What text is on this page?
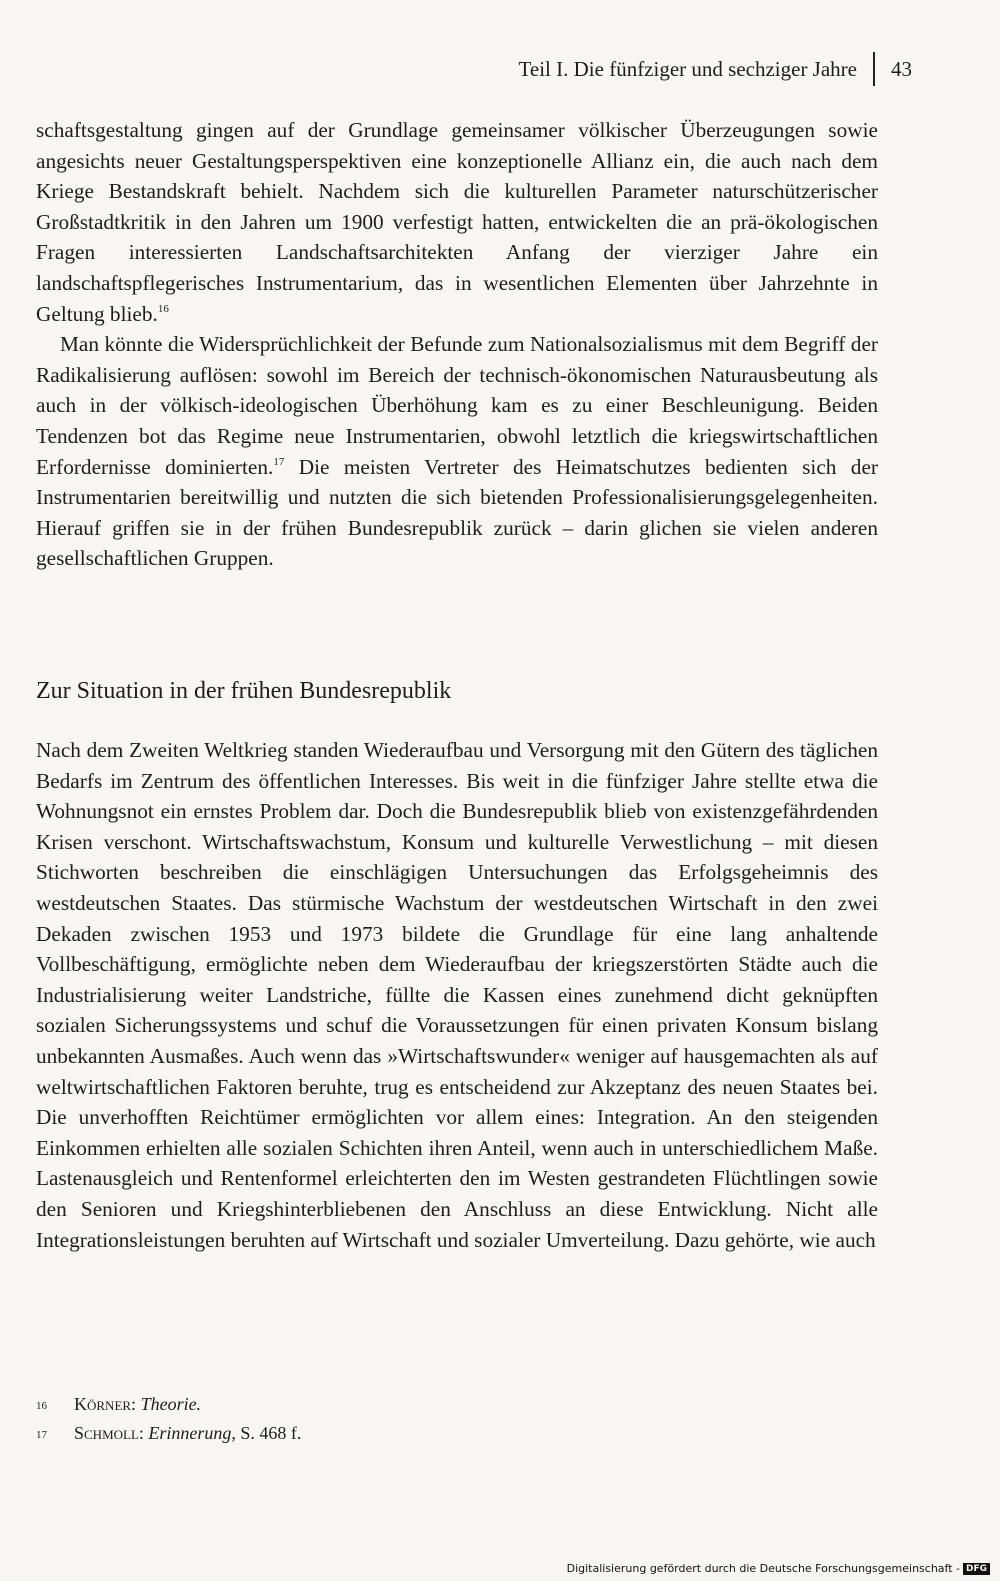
Teil I. Die fünfziger und sechziger Jahre 43

schaftsgestaltung gingen auf der Grundlage gemeinsamer völkischer Überzeugungen sowie angesichts neuer Gestaltungsperspektiven eine konzeptionelle Allianz ein, die auch nach dem Kriege Bestandskraft behielt. Nachdem sich die kulturellen Parameter naturschützerischer Großstadtkritik in den Jahren um 1900 verfestigt hatten, entwickelten die an prä-ökologischen Fragen interessierten Landschaftsarchitekten Anfang der vierziger Jahre ein landschaftspflegerisches Instrumentarium, das in wesentlichen Elementen über Jahrzehnte in Geltung blieb.$^{16}$

Man könnte die Widersprüchlichkeit der Befunde zum Nationalsozialismus mit dem Begriff der Radikalisierung auflösen: sowohl im Bereich der technisch-ökonomischen Naturausbeutung als auch in der völkisch-ideologischen Überhöhung kam es zu einer Beschleunigung. Beiden Tendenzen bot das Regime neue Instrumentarien, obwohl letztlich die kriegswirtschaftlichen Erfordernisse dominierten.$^{17}$ Die meisten Vertreter des Heimatschutzes bedienten sich der Instrumentarien bereitwillig und nutzten die sich bietenden Professionalisierungsgelegenheiten. Hierauf griffen sie in der frühen Bundesrepublik zurück – darin glichen sie vielen anderen gesellschaftlichen Gruppen.

Zur Situation in der frühen Bundesrepublik

Nach dem Zweiten Weltkrieg standen Wiederaufbau und Versorgung mit den Gütern des täglichen Bedarfs im Zentrum des öffentlichen Interesses. Bis weit in die fünfziger Jahre stellte etwa die Wohnungsnot ein ernstes Problem dar. Doch die Bundesrepublik blieb von existenzgefährdenden Krisen verschont. Wirtschaftswachstum, Konsum und kulturelle Verwestlichung – mit diesen Stichworten beschreiben die einschlägigen Untersuchungen das Erfolgsgeheimnis des westdeutschen Staates. Das stürmische Wachstum der westdeutschen Wirtschaft in den zwei Dekaden zwischen 1953 und 1973 bildete die Grundlage für eine lang anhaltende Vollbeschäftigung, ermöglichte neben dem Wiederaufbau der kriegszerstörten Städte auch die Industrialisierung weiter Landstriche, füllte die Kassen eines zunehmend dicht geknüpften sozialen Sicherungssystems und schuf die Voraussetzungen für einen privaten Konsum bislang unbekannten Ausmaßes. Auch wenn das »Wirtschaftswunder« weniger auf hausgemachten als auf weltwirtschaftlichen Faktoren beruhte, trug es entscheidend zur Akzeptanz des neuen Staates bei. Die unverhofften Reichtümer ermöglichten vor allem eines: Integration. An den steigenden Einkommen erhielten alle sozialen Schichten ihren Anteil, wenn auch in unterschiedlichem Maße. Lastenausgleich und Rentenformel erleichterten den im Westen gestrandeten Flüchtlingen sowie den Senioren und Kriegshinterbliebenen den Anschluss an diese Entwicklung. Nicht alle Integrationsleistungen beruhten auf Wirtschaft und sozialer Umverteilung. Dazu gehörte, wie auch

16	Körner:
Theorie.
17	Schmoll:
Erinnerung , S. 468 f.
Digitalisierung gefördert durch die Deutsche Forschungsgemeinschaft - DFG
